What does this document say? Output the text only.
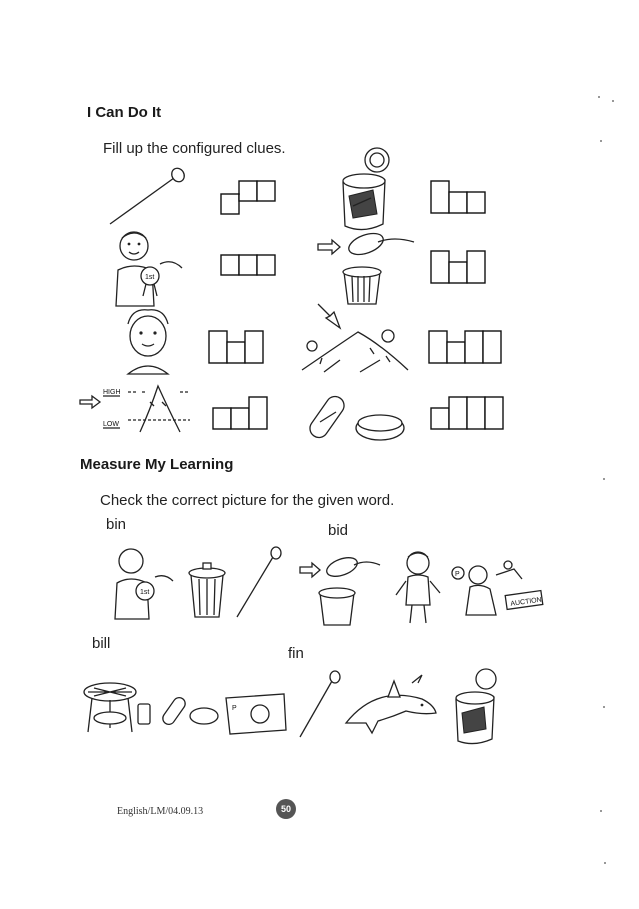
I Can Do It
Fill up the configured clues.
1st
HIGH
LOW
Measure My Learning
Check the correct picture for the given word.
bin	bid
1st
P
AUCTION
bill
fin
P
English/LM/04.09.13	50
